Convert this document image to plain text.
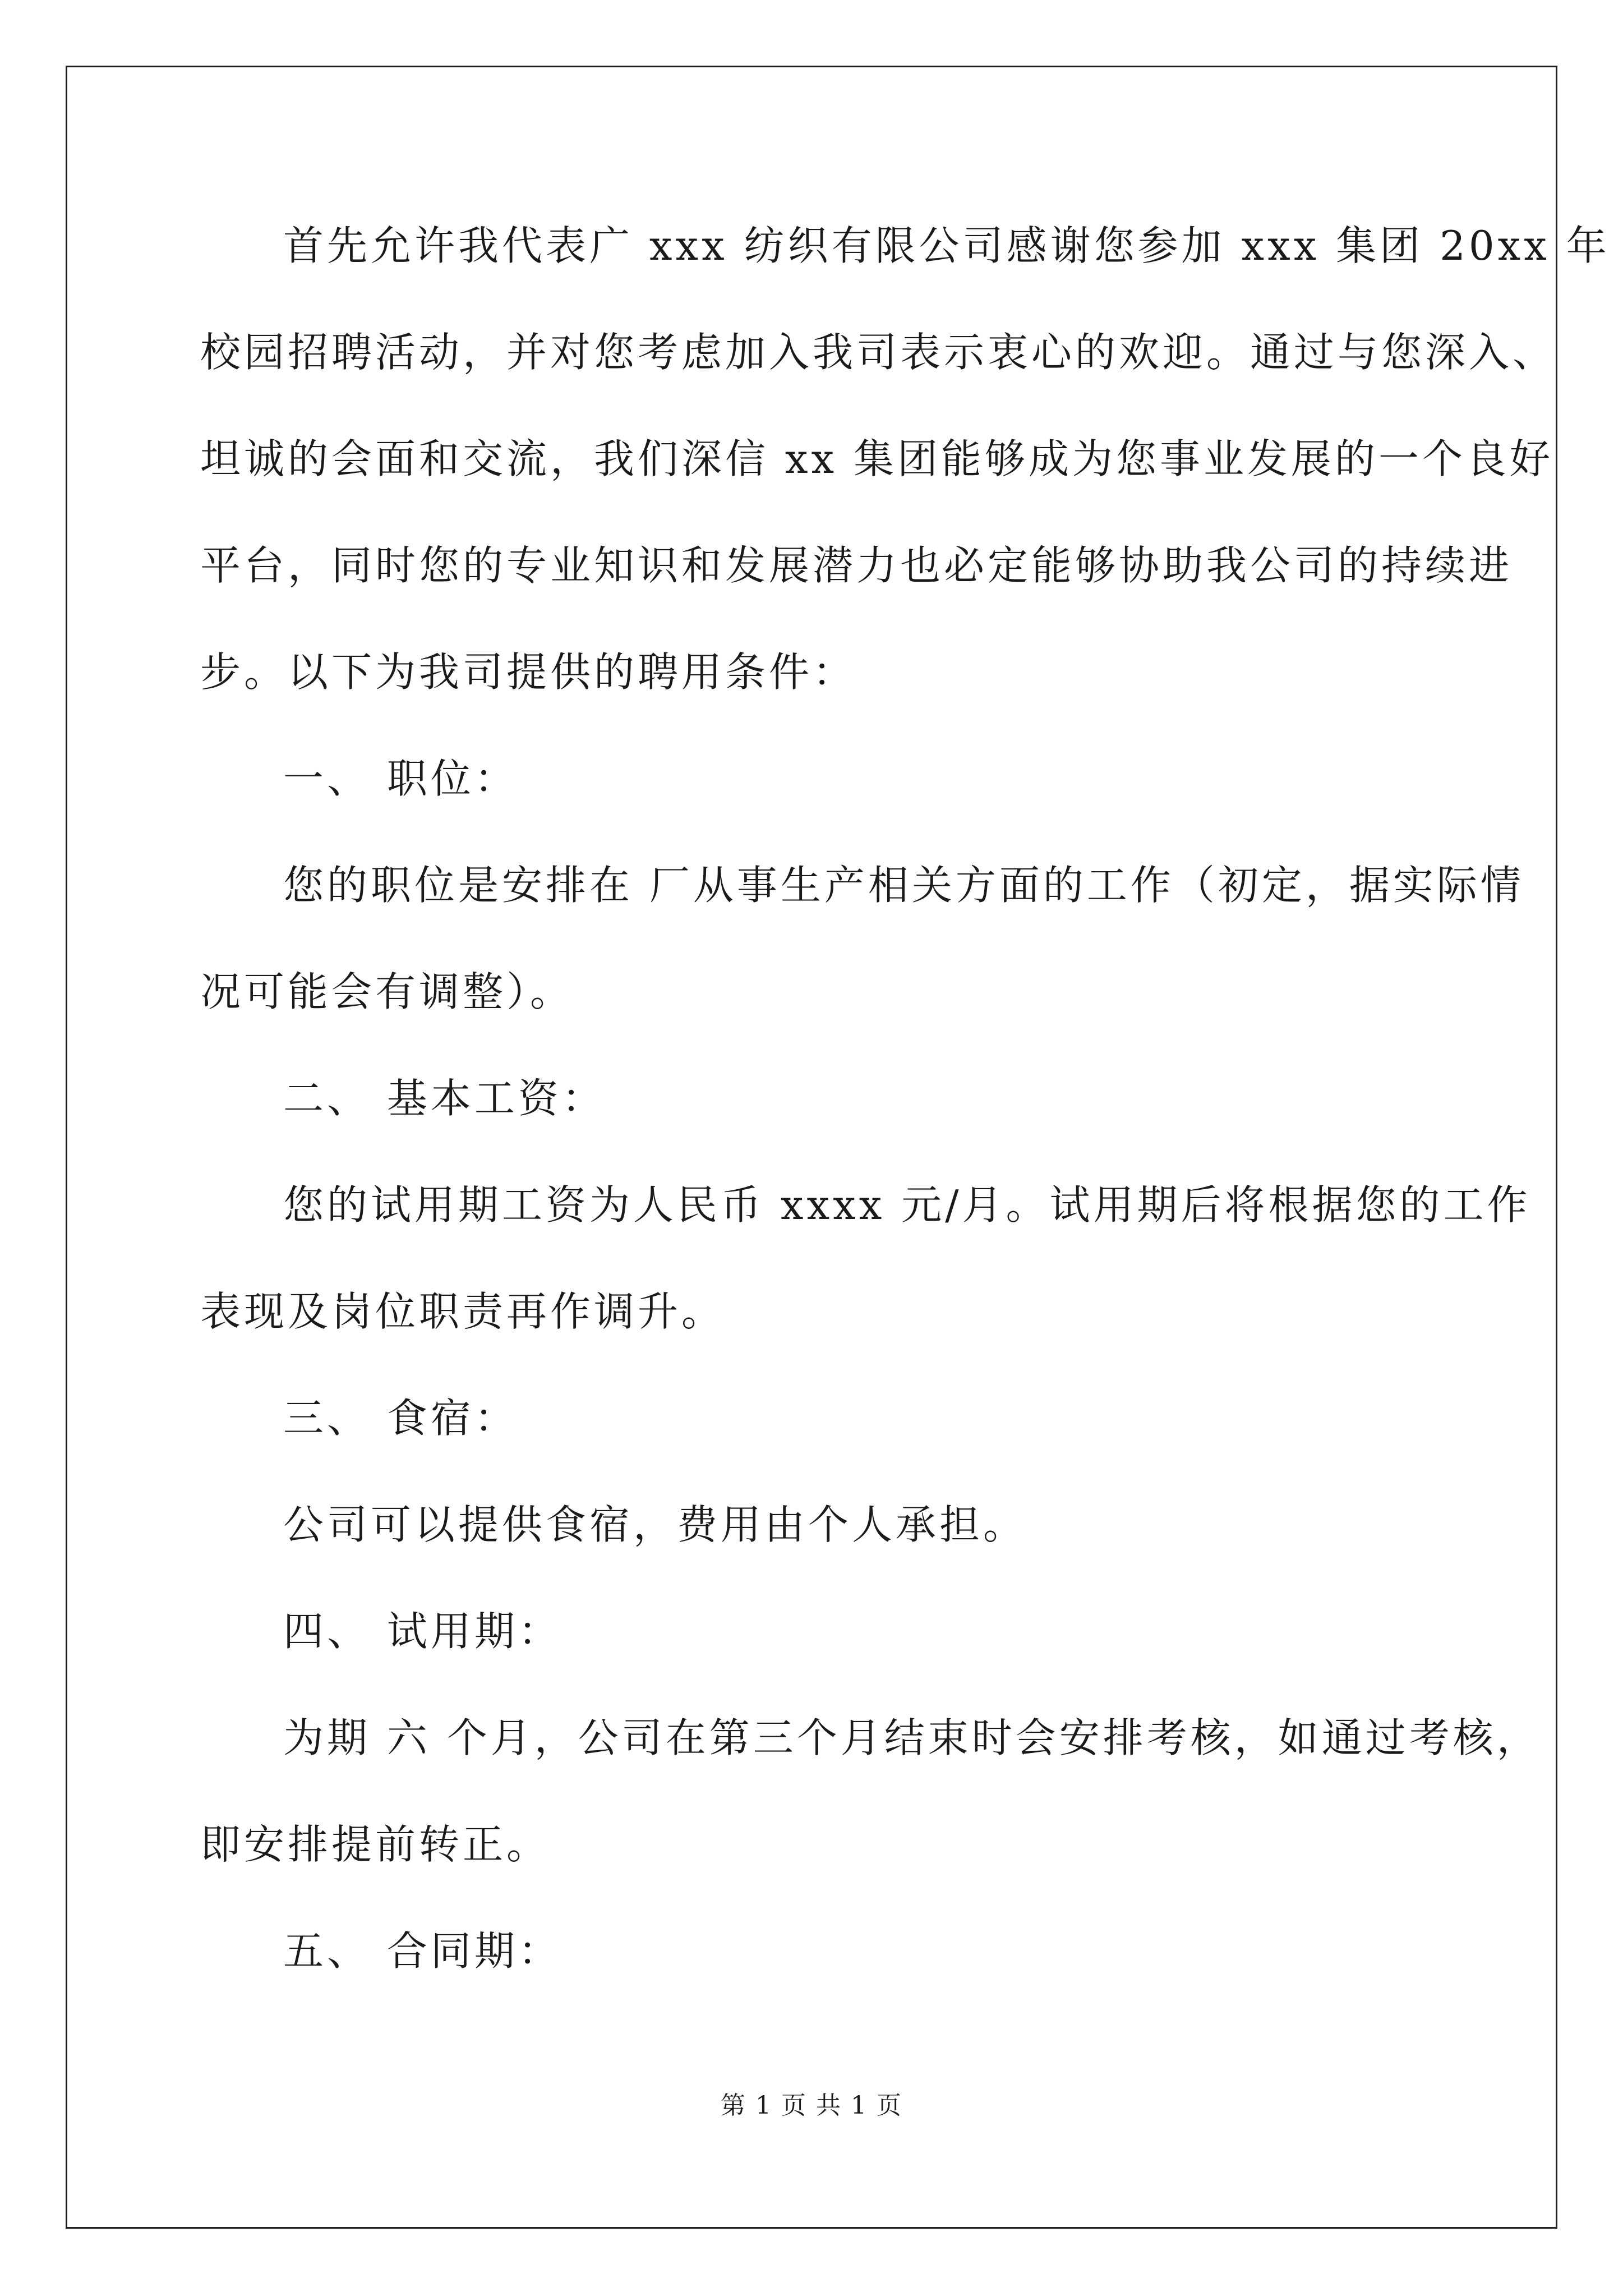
首先允许我代表广 xxx 纺织有限公司感谢您参加 xxx 集团 20xx 年
校园招聘活动，并对您考虑加入我司表示衷心的欢迎。通过与您深入、
坦诚的会面和交流，我们深信 xx 集团能够成为您事业发展的一个良好
平台，同时您的专业知识和发展潜力也必定能够协助我公司的持续进
步。以下为我司提供的聘用条件：
一、 职位：
您的职位是安排在 厂从事生产相关方面的工作（初定，据实际情
况可能会有调整）。
二、 基本工资：
您的试用期工资为人民币 xxxx 元/月。试用期后将根据您的工作
表现及岗位职责再作调升。
三、 食宿：
公司可以提供食宿，费用由个人承担。
四、 试用期：
为期 六 个月，公司在第三个月结束时会安排考核，如通过考核，
即安排提前转正。
五、 合同期：
第 1 页 共 1 页
